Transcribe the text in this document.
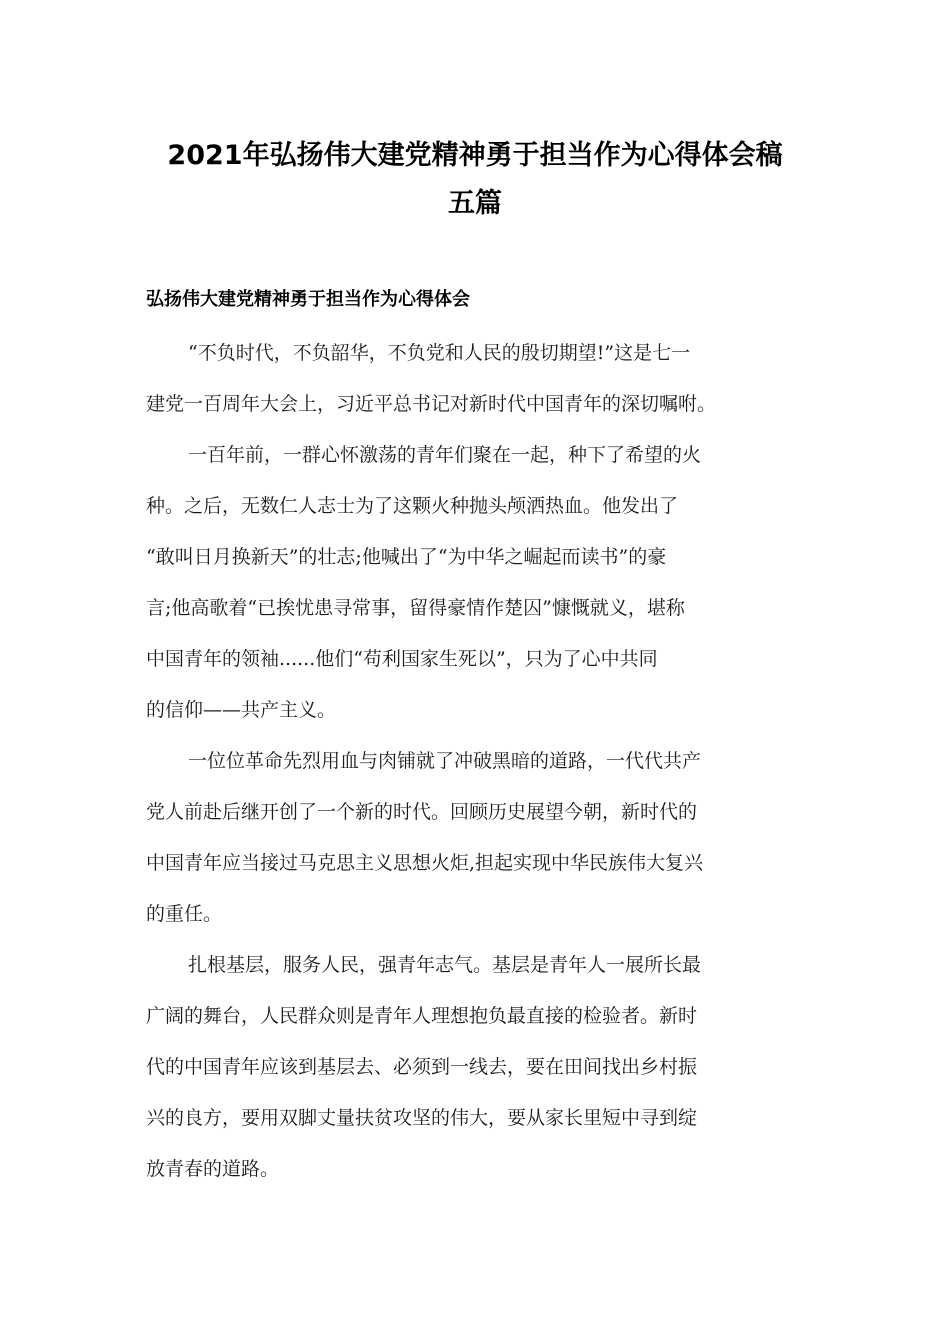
2021年弘扬伟大建党精神勇于担当作为心得体会稿
五篇
弘扬伟大建党精神勇于担当作为心得体会

“不负时代，不负韶华，不负党和人民的殷切期望!”这是七一

建党一百周年大会上，习近平总书记对新时代中国青年的深切嘱咐。

一百年前，一群心怀激荡的青年们聚在一起，种下了希望的火

种。之后，无数仁人志士为了这颗火种抛头颅洒热血。他发出了

“敢叫日月换新天”的壮志;他喊出了“为中华之崛起而读书”的豪

言;他高歌着“已挨忧患寻常事，留得豪情作楚囚”慷慨就义，堪称

中国青年的领袖......他们“苟利国家生死以”，只为了心中共同

的信仰——共产主义。

一位位革命先烈用血与肉铺就了冲破黑暗的道路，一代代共产

党人前赴后继开创了一个新的时代。回顾历史展望今朝，新时代的

中国青年应当接过马克思主义思想火炬,担起实现中华民族伟大复兴

的重任。

扎根基层，服务人民，强青年志气。基层是青年人一展所长最

广阔的舞台，人民群众则是青年人理想抱负最直接的检验者。新时

代的中国青年应该到基层去、必须到一线去，要在田间找出乡村振

兴的良方，要用双脚丈量扶贫攻坚的伟大，要从家长里短中寻到绽

放青春的道路。
